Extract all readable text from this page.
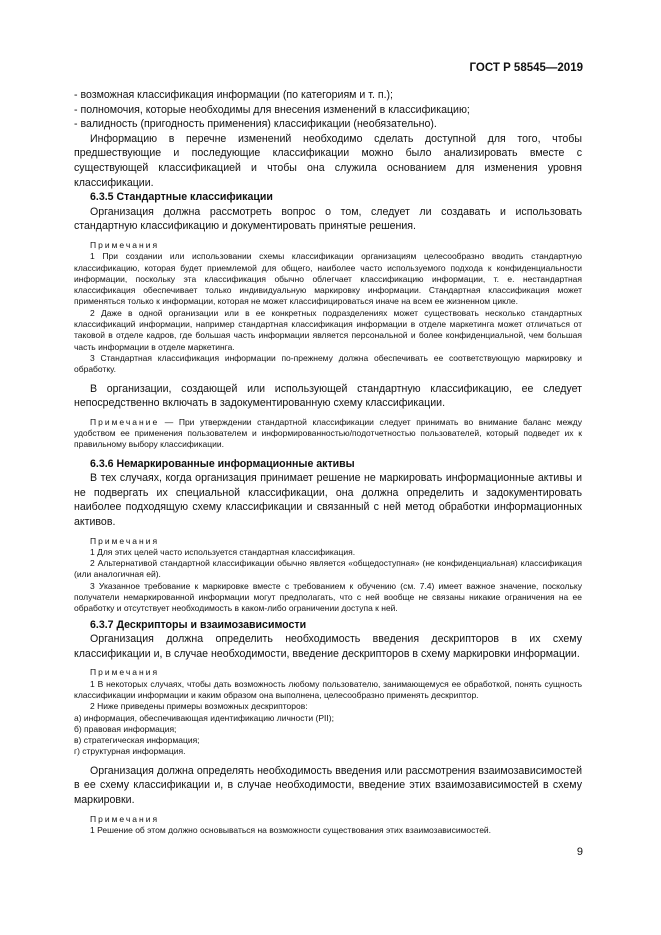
ГОСТ Р 58545—2019

- возможная классификация информации (по категориям и т. п.);

- полномочия, которые необходимы для внесения изменений в классификацию;

- валидность (пригодность применения) классификации (необязательно).

Информацию в перечне изменений необходимо сделать доступной для того, чтобы предшествующие и последующие классификации можно было анализировать вместе с существующей классификацией и чтобы она служила основанием для изменения уровня классификации.

6.3.5 Стандартные классификации

Организация должна рассмотреть вопрос о том, следует ли создавать и использовать стандартную классификацию и документировать принятые решения.

Примечания

1 При создании или использовании схемы классификации организациям целесообразно вводить стандартную классификацию, которая будет приемлемой для общего, наиболее часто используемого подхода к конфиденциальности информации, поскольку эта классификация обычно облегчает классификацию информации, т. е. нестандартная классификация обеспечивает только индивидуальную маркировку информации. Стандартная классификация может применяться только к информации, которая не может классифицироваться иначе на всем ее жизненном цикле.

2 Даже в одной организации или в ее конкретных подразделениях может существовать несколько стандартных классификаций информации, например стандартная классификация информации в отделе маркетинга может отличаться от таковой в отделе кадров, где большая часть информации является персональной и более конфиденциальной, чем большая часть информации в отделе маркетинга.

3 Стандартная классификация информации по-прежнему должна обеспечивать ее соответствующую маркировку и обработку.

В организации, создающей или использующей стандартную классификацию, ее следует непосредственно включать в задокументированную схему классификации.

Примечание — При утверждении стандартной классификации следует принимать во внимание баланс между удобством ее применения пользователем и информированностью/подотчетностью пользователей, который подведет их к правильному выбору классификации.

6.3.6 Немаркированные информационные активы

В тех случаях, когда организация принимает решение не маркировать информационные активы и не подвергать их специальной классификации, она должна определить и задокументировать наиболее подходящую схему классификации и связанный с ней метод обработки информационных активов.

Примечания

1 Для этих целей часто используется стандартная классификация.

2 Альтернативой стандартной классификации обычно является «общедоступная» (не конфиденциальная) классификация (или аналогичная ей).

3 Указанное требование к маркировке вместе с требованием к обучению (см. 7.4) имеет важное значение, поскольку получатели немаркированной информации могут предполагать, что с ней вообще не связаны никакие ограничения на ее обработку и отсутствует необходимость в каком-либо ограничении доступа к ней.

6.3.7 Дескрипторы и взаимозависимости

Организация должна определить необходимость введения дескрипторов в их схему классификации и, в случае необходимости, введение дескрипторов в схему маркировки информации.

Примечания

1 В некоторых случаях, чтобы дать возможность любому пользователю, занимающемуся ее обработкой, понять сущность классификации информации и каким образом она выполнена, целесообразно применять дескриптор.

2 Ниже приведены примеры возможных дескрипторов:

а) информация, обеспечивающая идентификацию личности (PII);

б) правовая информация;

в) стратегическая информация;

г) структурная информация.

Организация должна определять необходимость введения или рассмотрения взаимозависимостей в ее схему классификации и, в случае необходимости, введение этих взаимозависимостей в схему маркировки.

Примечания

1 Решение об этом должно основываться на возможности существования этих взаимозависимостей.

9
